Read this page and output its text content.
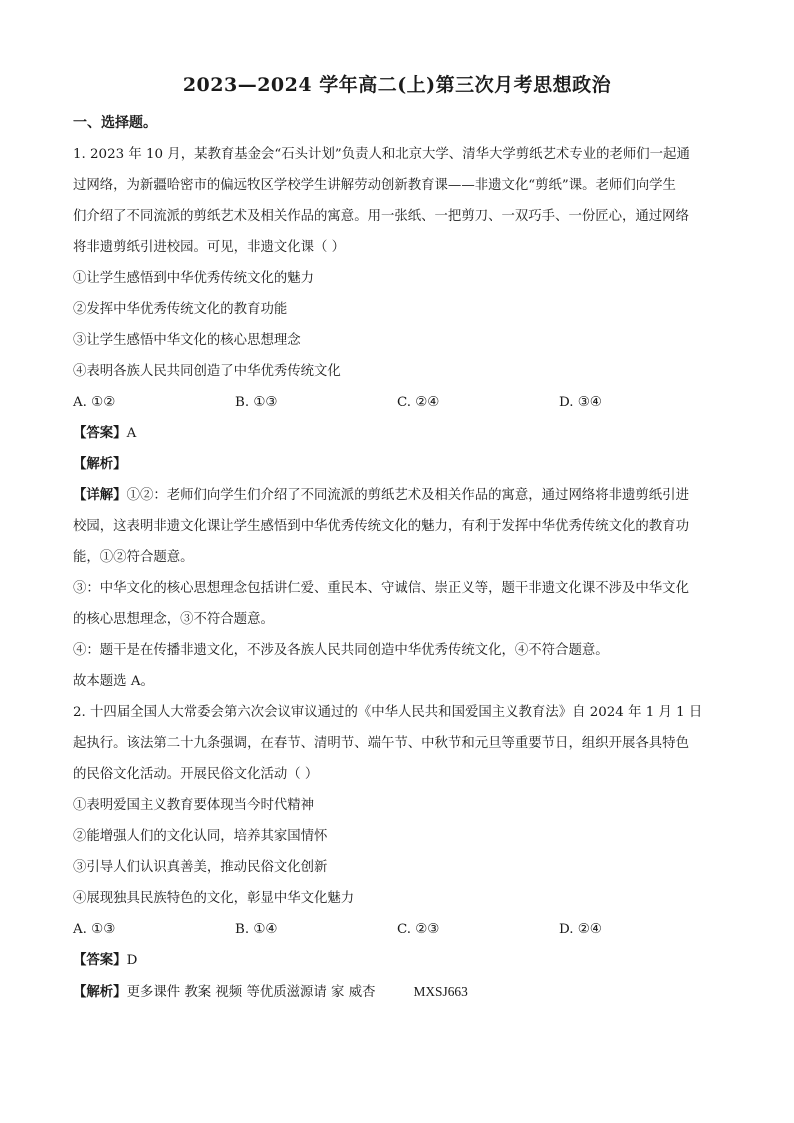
2023—2024 学年高二(上)第三次月考思想政治

一、选择题。

1. 2023 年 10 月，某教育基金会“石头计划”负责人和北京大学、清华大学剪纸艺术专业的老师们一起通

过网络，为新疆哈密市的偏远牧区学校学生讲解劳动创新教育课——非遗文化“剪纸”课。老师们向学生

们介绍了不同流派的剪纸艺术及相关作品的寓意。用一张纸、一把剪刀、一双巧手、一份匠心，通过网络

将非遗剪纸引进校园。可见，非遗文化课（ ）

①让学生感悟到中华优秀传统文化的魅力

②发挥中华优秀传统文化的教育功能

③让学生感悟中华文化的核心思想理念

④表明各族人民共同创造了中华优秀传统文化

A. ①②	B. ①③	C. ②④	D. ③④

【答案】A

【解析】

【详解】①②：老师们向学生们介绍了不同流派的剪纸艺术及相关作品的寓意，通过网络将非遗剪纸引进

校园，这表明非遗文化课让学生感悟到中华优秀传统文化的魅力，有利于发挥中华优秀传统文化的教育功

能，①②符合题意。

③：中华文化的核心思想理念包括讲仁爱、重民本、守诚信、崇正义等，题干非遗文化课不涉及中华文化

的核心思想理念，③不符合题意。

④：题干是在传播非遗文化，不涉及各族人民共同创造中华优秀传统文化，④不符合题意。

故本题选 A。

2. 十四届全国人大常委会第六次会议审议通过的《中华人民共和国爱国主义教育法》自 2024 年 1 月 1 日

起执行。该法第二十九条强调，在春节、清明节、端午节、中秋节和元旦等重要节日，组织开展各具特色

的民俗文化活动。开展民俗文化活动（ ）

①表明爱国主义教育要体现当今时代精神

②能增强人们的文化认同，培养其家国情怀

③引导人们认识真善美，推动民俗文化创新

④展现独具民族特色的文化，彰显中华文化魅力

A. ①③	B. ①④	C. ②③	D. ②④

【答案】D

【解析】更多课件 教案 视频 等优质滋源请 家 威杏	MXSJ663
